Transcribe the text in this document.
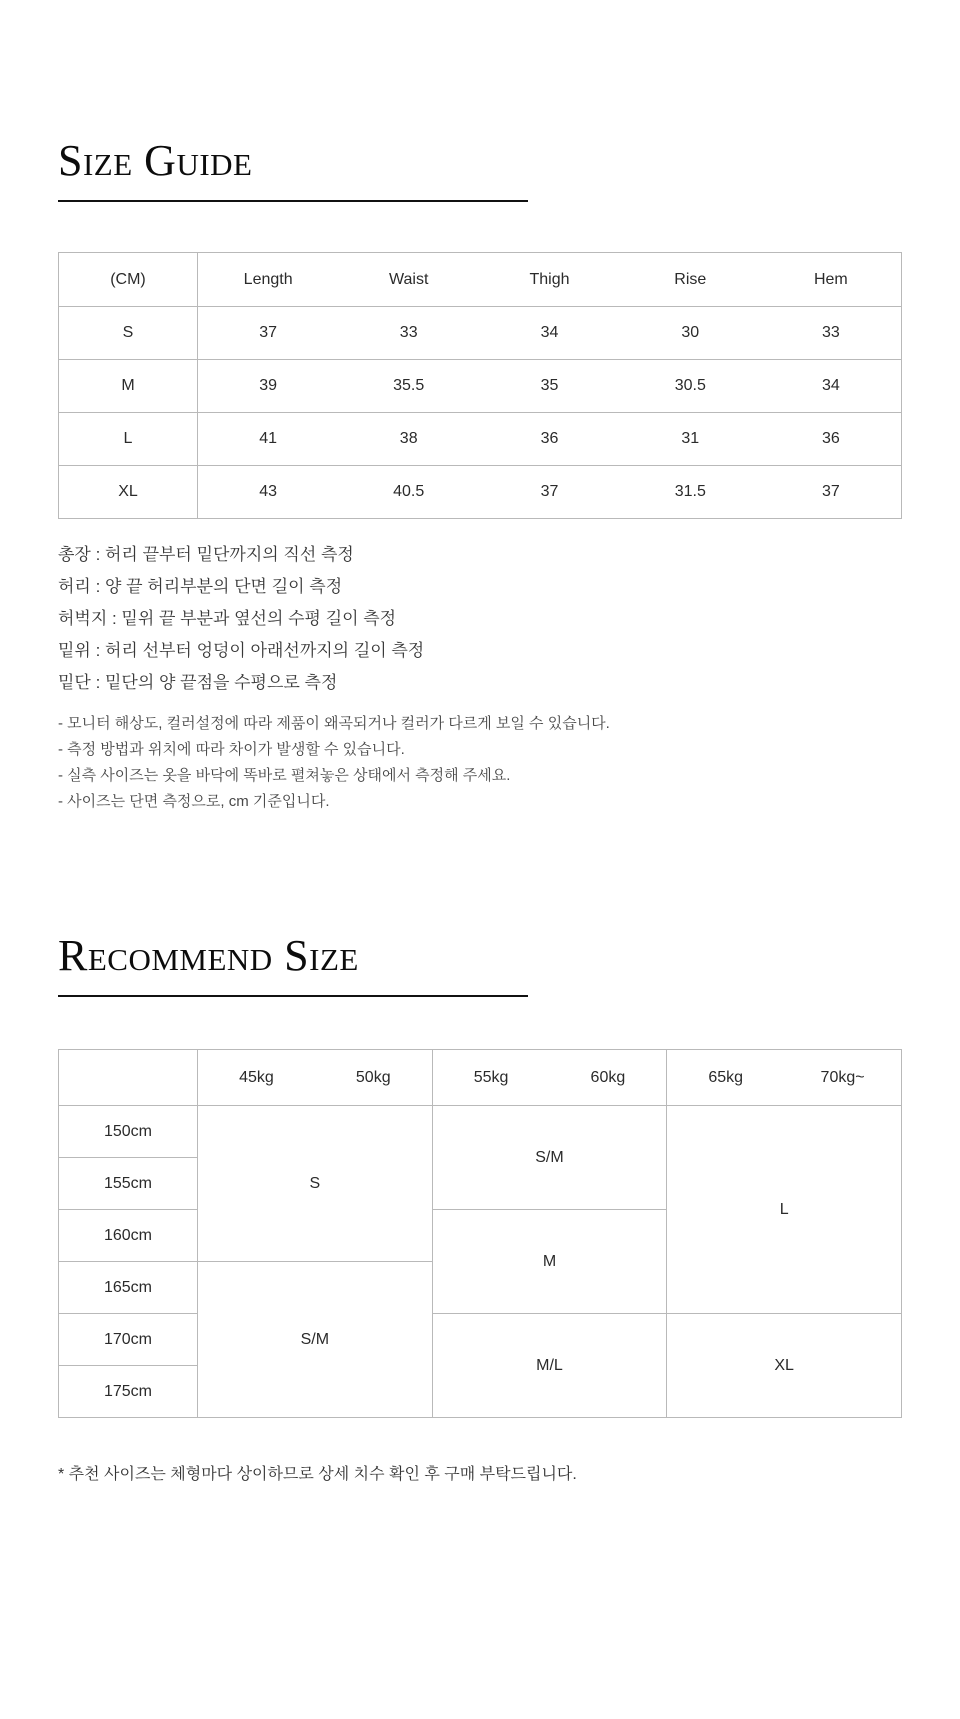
Size Guide
(CM)	Length	Waist	Thigh	Rise	Hem
S	37	33	34	30	33
M	39	35.5	35	30.5	34
L	41	38	36	31	36
XL	43	40.5	37	31.5	37
총장 : 허리 끝부터 밑단까지의 직선 측정
허리 : 양 끝 허리부분의 단면 길이 측정
허벅지 : 밑위 끝 부분과 옆선의 수평 길이 측정
밑위 : 허리 선부터 엉덩이 아래선까지의 길이 측정
밑단 : 밑단의 양 끝점을 수평으로 측정
- 모니터 해상도, 컬러설정에 따라 제품이 왜곡되거나 컬러가 다르게 보일 수 있습니다.
- 측정 방법과 위치에 따라 차이가 발생할 수 있습니다.
- 실측 사이즈는 옷을 바닥에 똑바로 펼쳐놓은 상태에서 측정해 주세요.
- 사이즈는 단면 측정으로, cm 기준입니다.
Recommend Size

	45kg 50kg	55kg 60kg	65kg 70kg~

150cm	S	S/M	L
155cm			
160cm		M	
165cm	S/M		
170cm		M/L	XL
175cm			

* 추천 사이즈는 체형마다 상이하므로 상세 치수 확인 후 구매 부탁드립니다.
